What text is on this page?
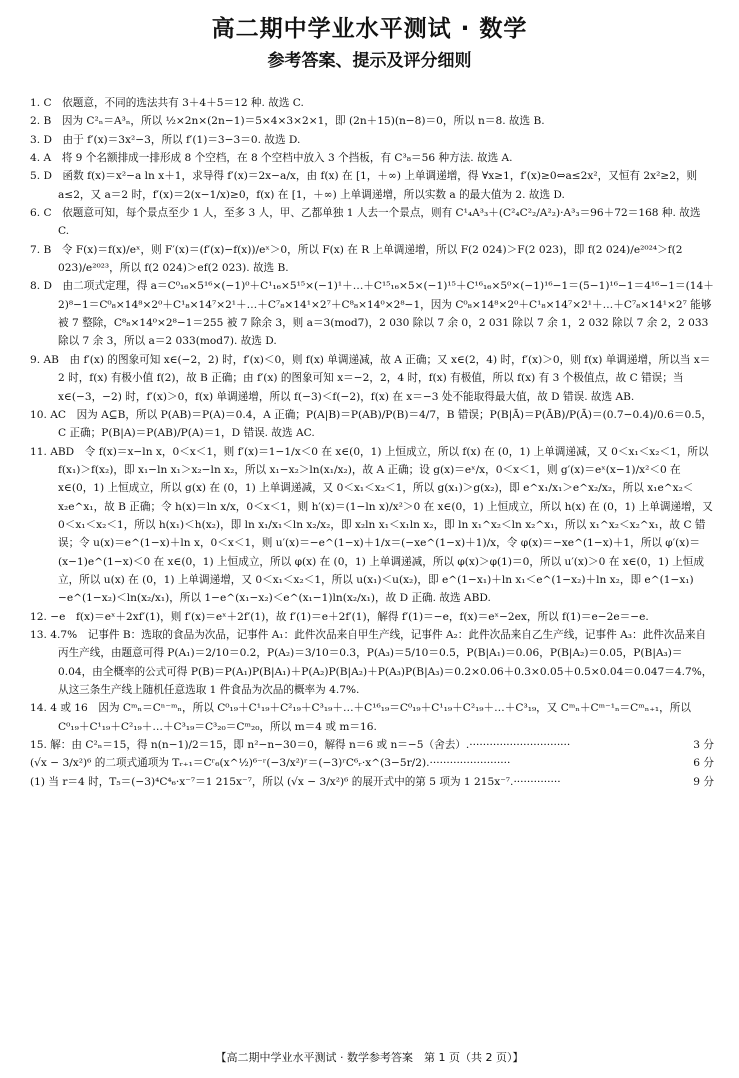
高二期中学业水平测试 · 数学
参考答案、提示及评分细则

1. C　依题意，不同的选法共有 3＋4＋5＝12 种. 故选 C.

2. B　因为 C²ₙ＝A³ₙ，所以 ½×2n×(2n−1)＝5×4×3×2×1，即 (2n＋15)(n−8)＝0，所以 n＝8. 故选 B.

3. D　由于 f′(x)＝3x²−3，所以 f′(1)＝3−3＝0. 故选 D.

4. A　将 9 个名额排成一排形成 8 个空档，在 8 个空档中放入 3 个挡板，有 C³₈＝56 种方法. 故选 A.

5. D　函数 f(x)＝x²−a ln x＋1，求导得 f′(x)＝2x−a/x，由 f(x) 在 [1，＋∞) 上单调递增，得 ∀x≥1，f′(x)≥0⇔a≤2x²，又恒有 2x²≥2，则 a≤2，又 a＝2 时，f′(x)＝2(x−1/x)≥0，f(x) 在 [1，＋∞) 上单调递增，所以实数 a 的最大值为 2. 故选 D.

6. C　依题意可知，每个景点至少 1 人，至多 3 人，甲、乙都单独 1 人去一个景点，则有 C¹₄A³₃＋(C²₄C²₂/A²₂)·A³₃＝96＋72＝168 种. 故选 C.

7. B　令 F(x)＝f(x)/eˣ，则 F′(x)＝(f′(x)−f(x))/eˣ＞0，所以 F(x) 在 R 上单调递增，所以 F(2 024)＞F(2 023)，即 f(2 024)/e²⁰²⁴＞f(2 023)/e²⁰²³，所以 f(2 024)＞ef(2 023). 故选 B.

8. D　由二项式定理，得 a＝C⁰₁₆×5¹⁶×(−1)⁰＋C¹₁₆×5¹⁵×(−1)¹＋…＋C¹⁵₁₆×5×(−1)¹⁵＋C¹⁶₁₆×5⁰×(−1)¹⁶−1＝(5−1)¹⁶−1＝4¹⁶−1＝(14＋2)⁸−1＝C⁰₈×14⁸×2⁰＋C¹₈×14⁷×2¹＋…＋C⁷₈×14¹×2⁷＋C⁸₈×14⁰×2⁸−1，因为 C⁰₈×14⁸×2⁰＋C¹₈×14⁷×2¹＋…＋C⁷₈×14¹×2⁷ 能够被 7 整除，C⁸₈×14⁰×2⁸−1＝255 被 7 除余 3，则 a＝3(mod7)，2 030 除以 7 余 0，2 031 除以 7 余 1，2 032 除以 7 余 2，2 033 除以 7 余 3，所以 a＝2 033(mod7). 故选 D.

9. AB　由 f′(x) 的图象可知 x∈(−2，2) 时，f′(x)＜0，则 f(x) 单调递减，故 A 正确；又 x∈(2，4) 时，f′(x)＞0，则 f(x) 单调递增，所以当 x＝2 时，f(x) 有极小值 f(2)，故 B 正确；由 f′(x) 的图象可知 x＝−2，2，4 时，f(x) 有极值，所以 f(x) 有 3 个极值点，故 C 错误；当 x∈(−3，−2) 时，f′(x)＞0，f(x) 单调递增，所以 f(−3)＜f(−2)，f(x) 在 x＝−3 处不能取得最大值，故 D 错误. 故选 AB.

10. AC　因为 A⊆B，所以 P(AB)＝P(A)＝0.4，A 正确；P(A|B)＝P(AB)/P(B)＝4/7，B 错误；P(B|Ā)＝P(ĀB)/P(Ā)＝(0.7−0.4)/0.6＝0.5，C 正确；P(B|A)＝P(AB)/P(A)＝1，D 错误. 故选 AC.

11. ABD　令 f(x)＝x−ln x，0＜x＜1，则 f′(x)＝1−1/x＜0 在 x∈(0，1) 上恒成立，所以 f(x) 在 (0，1) 上单调递减，又 0＜x₁＜x₂＜1，所以 f(x₁)＞f(x₂)，即 x₁−ln x₁＞x₂−ln x₂，所以 x₁−x₂＞ln(x₁/x₂)，故 A 正确；设 g(x)＝eˣ/x，0＜x＜1，则 g′(x)＝eˣ(x−1)/x²＜0 在 x∈(0，1) 上恒成立，所以 g(x) 在 (0，1) 上单调递减，又 0＜x₁＜x₂＜1，所以 g(x₁)＞g(x₂)，即 e^x₁/x₁＞e^x₂/x₂，所以 x₁e^x₂＜x₂e^x₁，故 B 正确；令 h(x)＝ln x/x，0＜x＜1，则 h′(x)＝(1−ln x)/x²＞0 在 x∈(0，1) 上恒成立，所以 h(x) 在 (0，1) 上单调递增，又 0＜x₁＜x₂＜1，所以 h(x₁)＜h(x₂)，即 ln x₁/x₁＜ln x₂/x₂，即 x₂ln x₁＜x₁ln x₂，即 ln x₁^x₂＜ln x₂^x₁，所以 x₁^x₂＜x₂^x₁，故 C 错误；令 u(x)＝e^(1−x)＋ln x，0＜x＜1，则 u′(x)＝−e^(1−x)＋1/x＝(−xe^(1−x)＋1)/x，令 φ(x)＝−xe^(1−x)＋1，所以 φ′(x)＝(x−1)e^(1−x)＜0 在 x∈(0，1) 上恒成立，所以 φ(x) 在 (0，1) 上单调递减，所以 φ(x)＞φ(1)＝0，所以 u′(x)＞0 在 x∈(0，1) 上恒成立，所以 u(x) 在 (0，1) 上单调递增，又 0＜x₁＜x₂＜1，所以 u(x₁)＜u(x₂)，即 e^(1−x₁)＋ln x₁＜e^(1−x₂)＋ln x₂，即 e^(1−x₁)−e^(1−x₂)＜ln(x₂/x₁)，所以 1−e^(x₁−x₂)＜e^(x₁−1)ln(x₂/x₁)，故 D 正确. 故选 ABD.

12. −e　f(x)＝eˣ＋2xf′(1)，则 f′(x)＝eˣ＋2f′(1)，故 f′(1)＝e＋2f′(1)，解得 f′(1)＝−e，f(x)＝eˣ−2ex，所以 f(1)＝e−2e＝−e.

13. 4.7%　记事件 B：选取的食品为次品，记事件 A₁：此件次品来自甲生产线，记事件 A₂：此件次品来自乙生产线，记事件 A₃：此件次品来自丙生产线，由题意可得 P(A₁)＝2/10＝0.2，P(A₂)＝3/10＝0.3，P(A₃)＝5/10＝0.5，P(B|A₁)＝0.06，P(B|A₂)＝0.05，P(B|A₃)＝0.04，由全概率的公式可得 P(B)＝P(A₁)P(B|A₁)＋P(A₂)P(B|A₂)＋P(A₃)P(B|A₃)＝0.2×0.06＋0.3×0.05＋0.5×0.04＝0.047＝4.7%，从这三条生产线上随机任意选取 1 件食品为次品的概率为 4.7%.

14. 4 或 16　因为 Cᵐₙ＝Cⁿ⁻ᵐₙ，所以 C⁰₁₉＋C¹₁₉＋C²₁₉＋C³₁₉＋…＋C¹⁶₁₉＝C⁰₁₉＋C¹₁₉＋C²₁₉＋…＋C³₁₉，又 Cᵐₙ＋Cᵐ⁻¹ₙ＝Cᵐₙ₊₁，所以 C⁰₁₉＋C¹₁₉＋C²₁₉＋…＋C³₁₉＝C³₂₀＝Cᵐ₂₀，所以 m＝4 或 m＝16.

15. 解：由 C²ₙ＝15，得 n(n−1)/2＝15，即 n²−n−30＝0，解得 n＝6 或 n＝−5（舍去）.······························	3 分

(√x − 3/x²)⁶ 的二项式通项为 Tᵣ₊₁＝Cʳ₆(x^½)⁶⁻ʳ(−3/x²)ʳ＝(−3)ʳC⁶ᵣ·x^(3−5r/2).························	6 分

(1) 当 r＝4 时，T₅＝(−3)⁴C⁴₆·x⁻⁷＝1 215x⁻⁷，所以 (√x − 3/x²)⁶ 的展开式中的第 5 项为 1 215x⁻⁷.··············	9 分

【高二期中学业水平测试 · 数学参考答案　第 1 页（共 2 页）】
